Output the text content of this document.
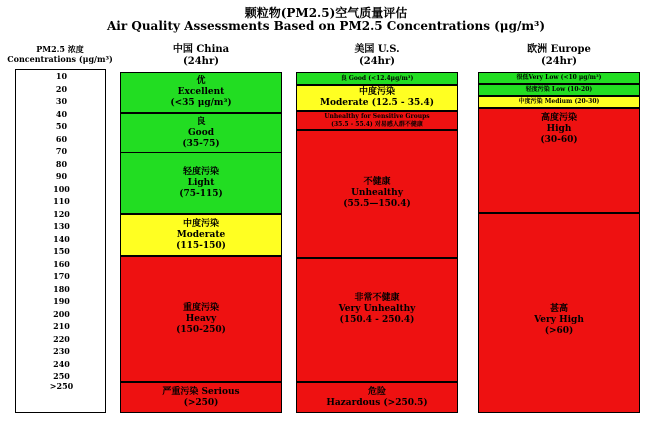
颗粒物(PM2.5)空气质量评估
Air Quality Assessments Based on PM2.5 Concentrations (μg/m³)
PM2.5 浓度
Concentrations (μg/m³)
中国 China
(24hr)
美国 U.S.
(24hr)
欧洲 Europe
(24hr)
10
20
30
40
50
60
70
80
90
100
110
120
130
140
150
160
170
180
190
200
210
220
230
240
250
>250
优
Excellent
(<35 μg/m³)
良
Good
(35-75)
轻度污染
Light
(75-115)
中度污染
Moderate
(115-150)
重度污染
Heavy
(150-250)
严重污染 Serious
(>250)
良 Good (<12.4μg/m³)
中度污染
Moderate (12.5 - 35.4)
Unhealthy for Sensitive Groups
(35.5 - 55.4) 对易感人群不健康
不健康
Unhealthy
(55.5—150.4)
非常不健康
Very Unhealthy
(150.4 - 250.4)
危险
Hazardous (>250.5)
很低Very Low (<10 μg/m³)
轻度污染 Low (10-20)
中度污染 Medium (20-30)
高度污染
High
(30-60)
甚高
Very High
(>60)
